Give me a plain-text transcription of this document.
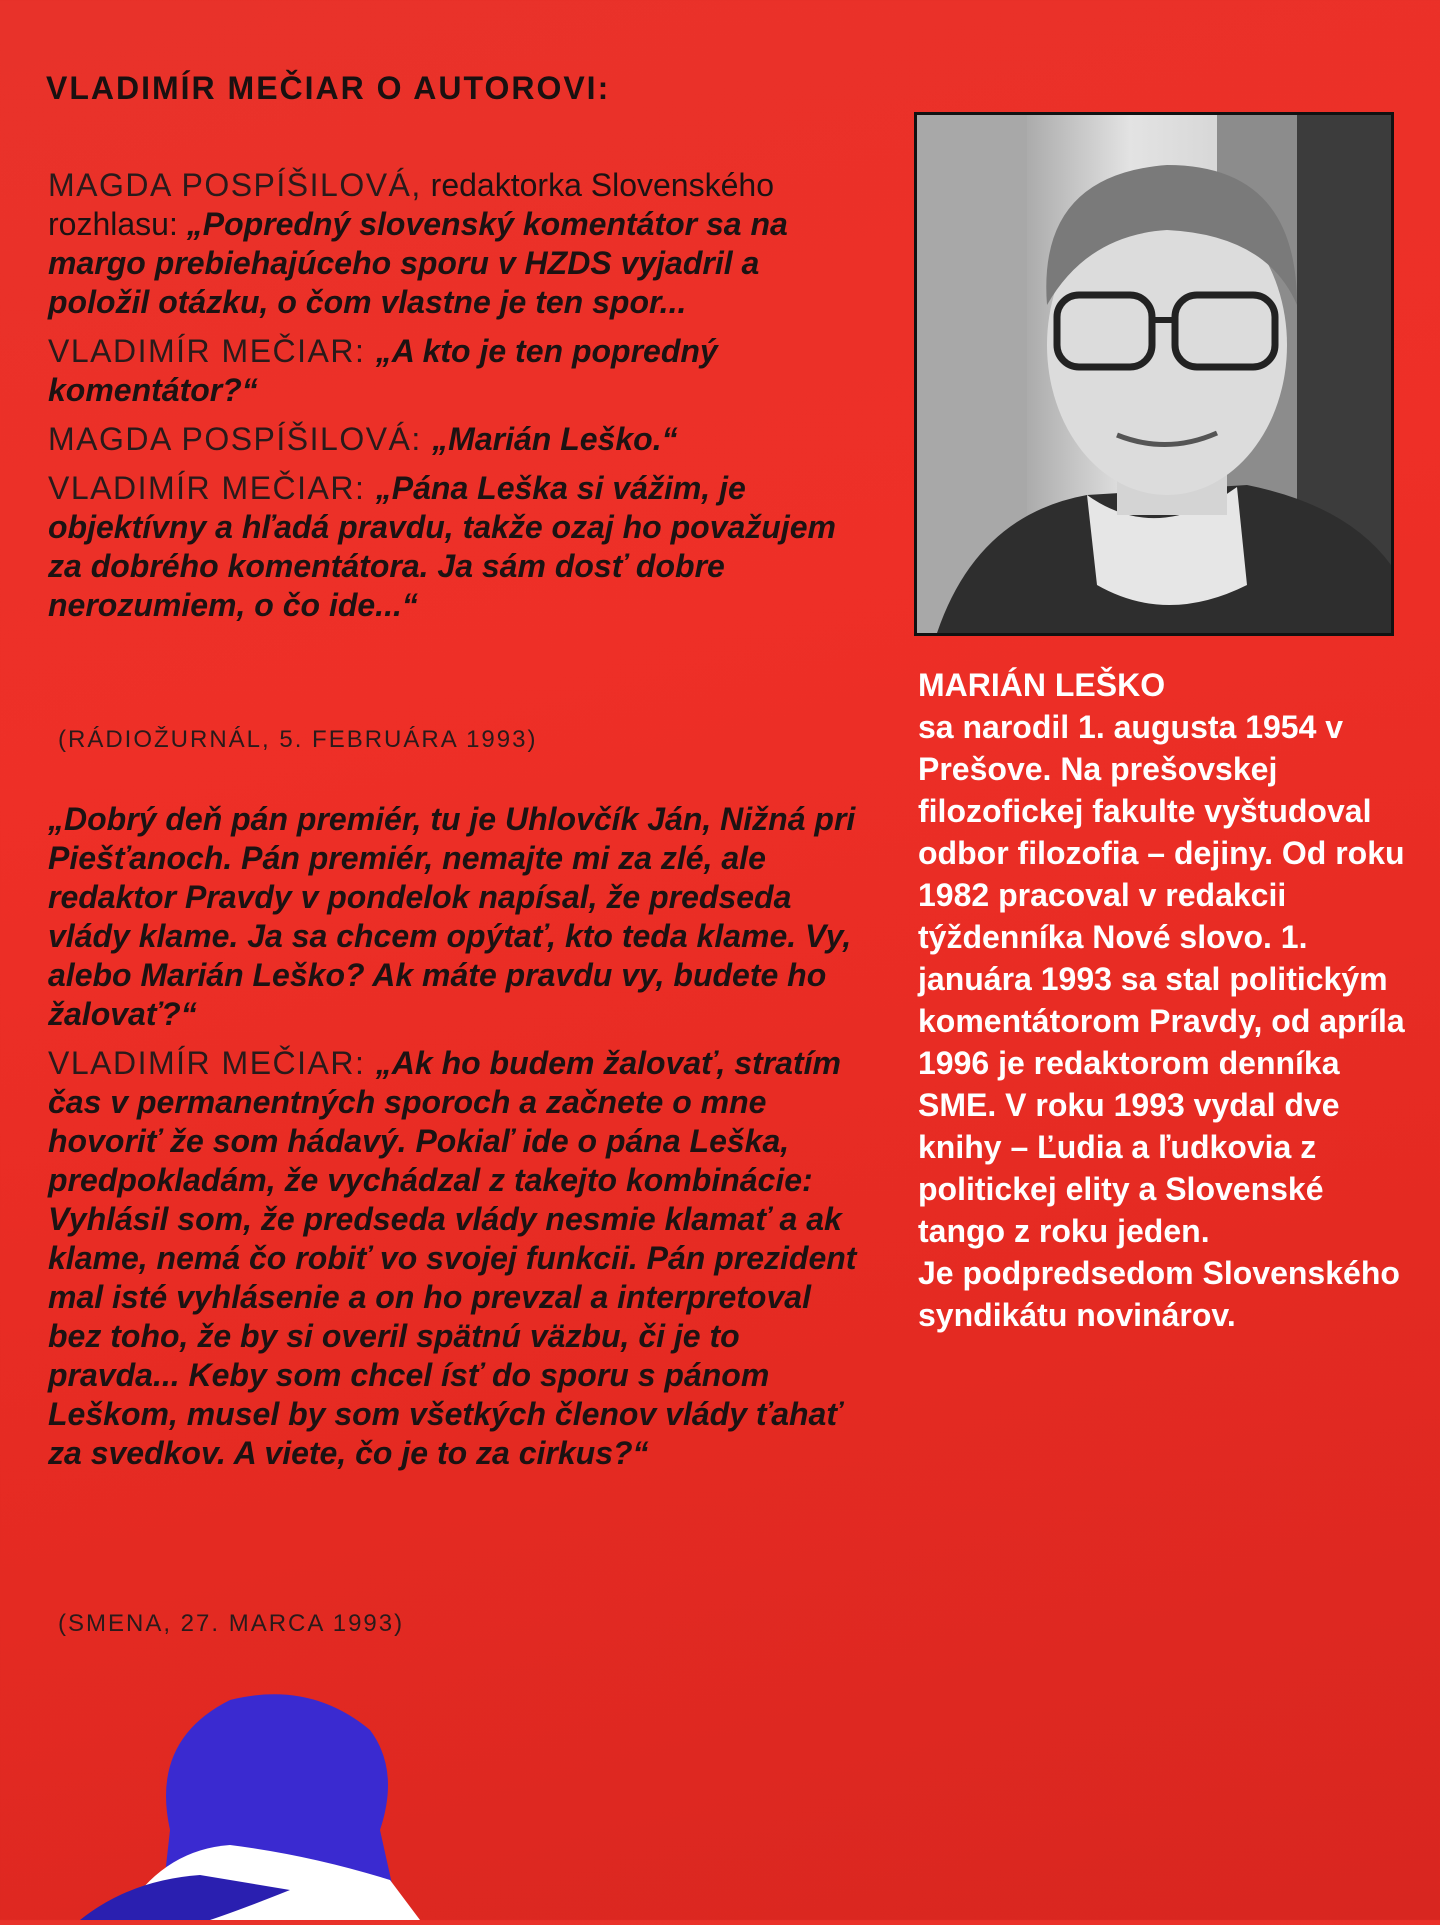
VLADIMÍR MEČIAR O AUTOROVI:
MAGDA POSPÍŠILOVÁ, redaktorka Slovenského rozhlasu: „Popredný slovenský komentátor sa na margo prebiehajúceho sporu v HZDS vyjadril a položil otázku, o čom vlastne je ten spor...
VLADIMÍR MEČIAR: „A kto je ten popredný komentátor?“
MAGDA POSPÍŠILOVÁ: „Marián Leško.“
VLADIMÍR MEČIAR: „Pána Leška si vážim, je objektívny a hľadá pravdu, takže ozaj ho považujem za dobrého komentátora. Ja sám dosť dobre nerozumiem, o čo ide...“
(RÁDIOŽURNÁL, 5. FEBRUÁRA 1993)
„Dobrý deň pán premiér, tu je Uhlovčík Ján, Nižná pri Piešťanoch. Pán premiér, nemajte mi za zlé, ale redaktor Pravdy v pondelok napísal, že predseda vlády klame. Ja sa chcem opýtať, kto teda klame. Vy, alebo Marián Leško? Ak máte pravdu vy, budete ho žalovať?“
VLADIMÍR MEČIAR: „Ak ho budem žalovať, stratím čas v permanentných sporoch a začnete o mne hovoriť že som hádavý. Pokiaľ ide o pána Leška, predpokladám, že vychádzal z takejto kombinácie: Vyhlásil som, že predseda vlády nesmie klamať a ak klame, nemá čo robiť vo svojej funkcii. Pán prezident mal isté vyhlásenie a on ho prevzal a interpretoval bez toho, že by si overil spätnú väzbu, či je to pravda... Keby som chcel ísť do sporu s pánom Leškom, musel by som všetkých členov vlády ťahať za svedkov. A viete, čo je to za cirkus?“
(SMENA, 27. MARCA 1993)

MARIÁN LEŠKO

sa narodil 1. augusta 1954 v Prešove. Na prešovskej filozofickej fakulte vyštudoval odbor filozofia – dejiny. Od roku 1982 pracoval v redakcii týždenníka Nové slovo. 1. januára 1993 sa stal politickým komentátorom Pravdy, od apríla 1996 je redaktorom denníka SME. V roku 1993 vydal dve knihy – Ľudia a ľudkovia z politickej elity a Slovenské tango z roku jeden.

Je podpredsedom Slovenského syndikátu novinárov.
